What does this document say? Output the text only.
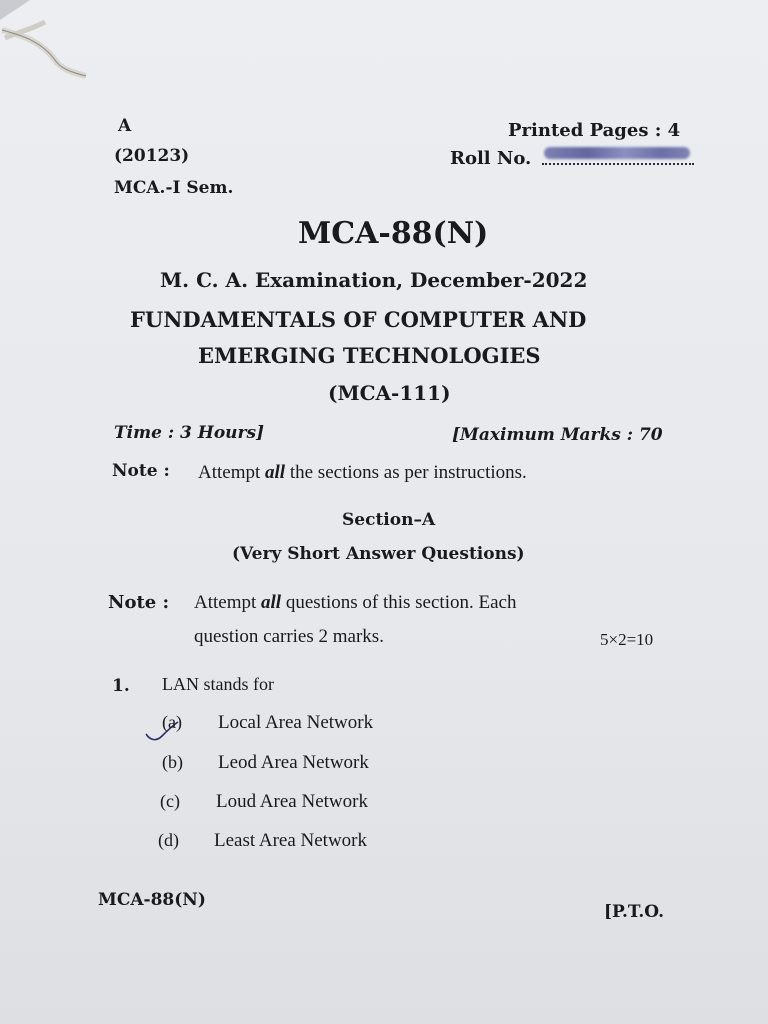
A	Printed Pages : 4
(20123)	Roll No.
MCA.-I Sem.
MCA-88(N)
M. C. A. Examination, December-2022
FUNDAMENTALS OF COMPUTER AND
EMERGING TECHNOLOGIES
(MCA-111)
Time : 3 Hours]	[Maximum Marks : 70
Note : Attempt all the sections as per instructions.
Section–A
(Very Short Answer Questions)
Note : Attempt all questions of this section. Each
question carries 2 marks.	5×2=10
1. LAN stands for
(a) Local Area Network
(b) Leod Area Network
(c) Loud Area Network
(d) Least Area Network
MCA-88(N)
[P.T.O.
